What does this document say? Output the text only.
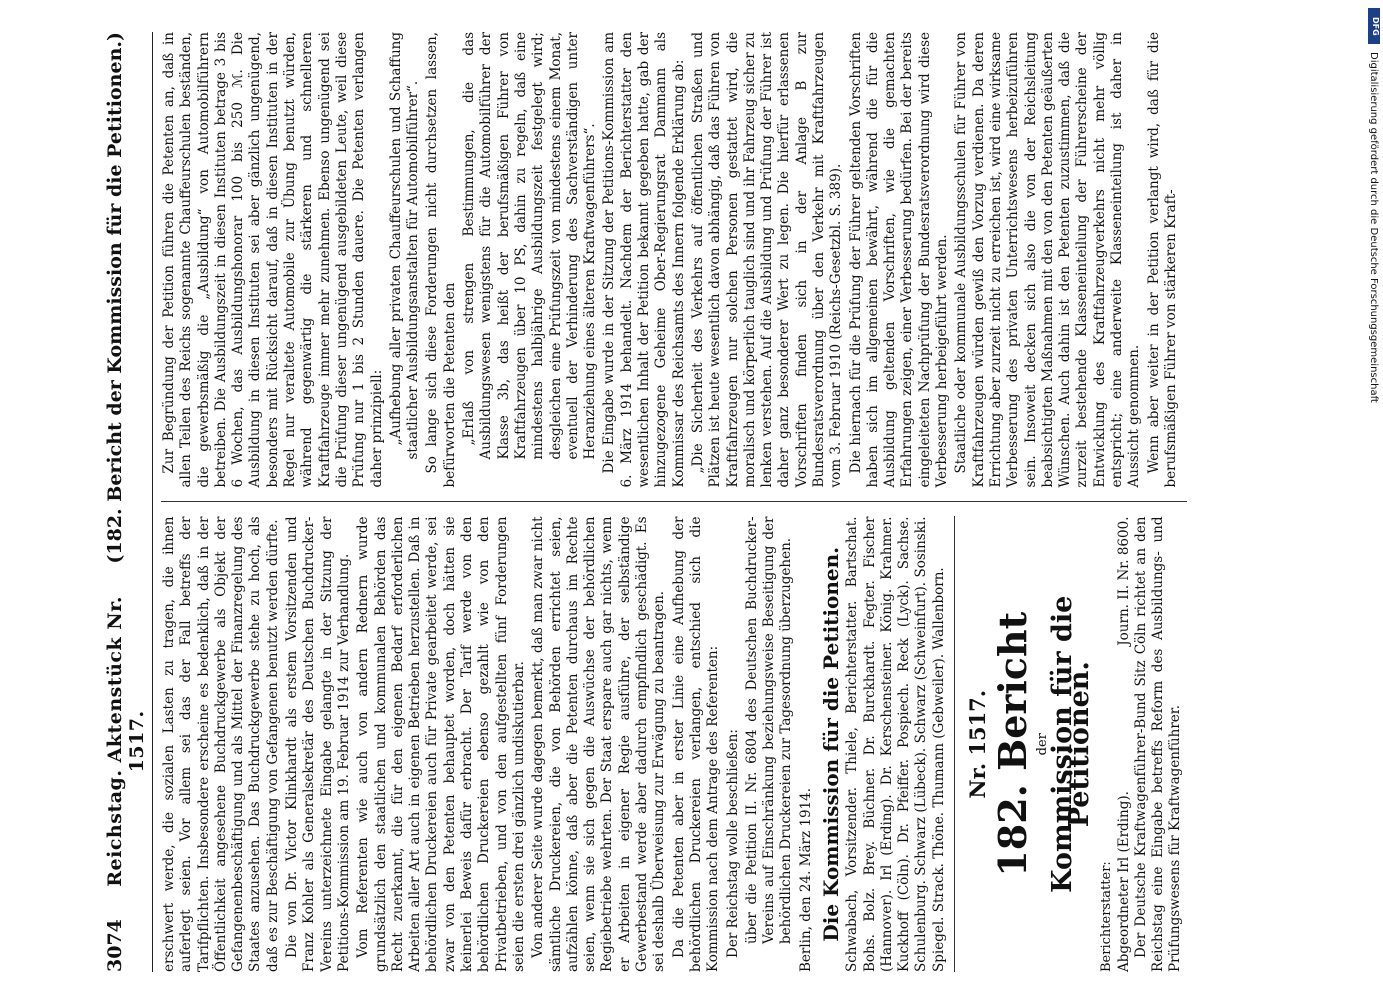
3074
Reichstag. Aktenstück Nr. 1517.
(182. Bericht der Kommission für die Petitionen.)

erschwert werde, die sozialen Lasten zu tragen, die ihnen auferlegt seien. Vor allem sei das der Fall betreffs der Tarifpflichten. Insbesondere erscheine es bedenklich, daß in der Öffentlichkeit angesehene Buchdruckgewerbe als Objekt der Gefangenenbeschäftigung und als Mittel der Finanzregelung des Staates anzusehen. Das Buchdruckgewerbe stehe zu hoch, als daß es zur Beschäftigung von Gefangenen benutzt werden dürfte. Die von Dr. Victor Klinkhardt als erstem Vorsitzenden und Franz Kohler als Generalsekretär des Deutschen Buchdrucker-Vereins unterzeichnete Eingabe gelangte in der Sitzung der Petitions-Kommission am 19. Februar 1914 zur Verhandlung. Vom Referenten wie auch von andern Rednern wurde grundsätzlich den staatlichen und kommunalen Behörden das Recht zuerkannt, die für den eigenen Bedarf erforderlichen Arbeiten aller Art auch in eigenen Betrieben herzustellen. Daß in behördlichen Druckereien auch für Private gearbeitet werde, sei zwar von den Petenten behauptet worden, doch hätten sie keinerlei Beweis dafür erbracht. Der Tarif werde von den behördlichen Druckereien ebenso gezahlt wie von den Privatbetrieben, und von den aufgestellten fünf Forderungen seien die ersten drei gänzlich undiskutierbar. Von anderer Seite wurde dagegen bemerkt, daß man zwar nicht sämtliche Druckereien, die von Behörden errichtet seien, aufzählen könne, daß aber die Petenten durchaus im Rechte seien, wenn sie sich gegen die Auswüchse der behördlichen Regiebetriebe wehrten. Der Staat erspare auch gar nichts, wenn er Arbeiten in eigener Regie ausführe, der selbständige Gewerbestand werde aber dadurch empfindlich geschädigt. Es sei deshalb Überweisung zur Erwägung zu beantragen. Da die Petenten aber in erster Linie eine Aufhebung der behördlichen Druckereien verlangen, entschied sich die Kommission nach dem Antrage des Referenten: Der Reichstag wolle beschließen: über die Petition II. Nr. 6804 des Deutschen Buchdrucker-Vereins auf Einschränkung beziehungsweise Beseitigung der behördlichen Druckereien zur Tagesordnung überzugehen. Berlin, den 24. März 1914. Die Kommission für die Petitionen. Schwabach, Vorsitzender. Thiele, Berichterstatter. Bartschat. Bohs. Bolz. Brey. Büchner. Dr. Burckhardt. Fegter. Fischer (Hannover). Irl (Erding). Dr. Kerschensteiner. König. Krahmer. Kuckhoff (Cöln). Dr. Pfeiffer. Pospiech. Reck (Lyck). Sachse. Schulenburg. Schwarz (Lübeck). Schwarz (Schweinfurt). Sosinski. Spiegel. Strack. Thöne. Thumann (Gebweiler). Wallenborn. Nr. 1517. 182. Bericht der
Kommission für die Petitionen.
Berichterstatter: Abgeordneter Irl (Erding).
Journ. II. Nr. 8600. Der Deutsche Kraftwagenführer-Bund Sitz Cöln richtet an den Reichstag eine Eingabe betreffs Reform des Ausbildungs- und Prüfungswesens für Kraftwagenführer.

Zur Begründung der Petition führen die Petenten an, daß in allen Teilen des Reichs sogenannte Chauffeurschulen beständen, die gewerbsmäßig die „Ausbildung“ von Automobilführern betreiben. Die Ausbildungszeit in diesen Instituten betrage 3 bis 6 Wochen, das Ausbildungshonorar 100 bis 250 ℳ. Die Ausbildung in diesen Instituten sei aber gänzlich ungenügend, besonders mit Rücksicht darauf, daß in diesen Instituten in der Regel nur veraltete Automobile zur Übung benutzt würden, während gegenwärtig die stärkeren und schnelleren Kraftfahrzeuge immer mehr zunehmen. Ebenso ungenügend sei die Prüfung dieser ungenügend ausgebildeten Leute, weil diese Prüfung nur 1 bis 2 Stunden dauere. Die Petenten verlangen daher prinzipiell: „Aufhebung aller privaten Chauffeurschulen und Schaffung staatlicher Ausbildungsanstalten für Automobilführer“. So lange sich diese Forderungen nicht durchsetzen lassen, befürworten die Petenten den „Erlaß von strengen Bestimmungen, die das Ausbildungswesen wenigstens für die Automobilführer der Klasse 3b, das heißt der berufsmäßigen Führer von Kraftfahrzeugen über 10 PS, dahin zu regeln, daß eine mindestens halbjährige Ausbildungszeit festgelegt wird; desgleichen eine Prüfungszeit von mindestens einem Monat, eventuell der Verhinderung des Sachverständigen unter Heranziehung eines älteren Kraftwagenführers“. Die Eingabe wurde in der Sitzung der Petitions-Kommission am 6. März 1914 behandelt. Nachdem der Berichterstatter den wesentlichen Inhalt der Petition bekannt gegeben hatte, gab der hinzugezogene Geheime Ober-Regierungsrat Dammann als Kommissar des Reichsamts des Innern folgende Erklärung ab: „Die Sicherheit des Verkehrs auf öffentlichen Straßen und Plätzen ist heute wesentlich davon abhängig, daß das Führen von Kraftfahrzeugen nur solchen Personen gestattet wird, die moralisch und körperlich tauglich sind und ihr Fahrzeug sicher zu lenken verstehen. Auf die Ausbildung und Prüfung der Führer ist daher ganz besonderer Wert zu legen. Die hierfür erlassenen Vorschriften finden sich in der Anlage B zur Bundesratsverordnung über den Verkehr mit Kraftfahrzeugen vom 3. Februar 1910 (Reichs-Gesetzbl. S. 389). Die hiernach für die Prüfung der Führer geltenden Vorschriften haben sich im allgemeinen bewährt, während die für die Ausbildung geltenden Vorschriften, wie die gemachten Erfahrungen zeigen, einer Verbesserung bedürfen. Bei der bereits eingeleiteten Nachprüfung der Bundesratsverordnung wird diese Verbesserung herbeigeführt werden. Staatliche oder kommunale Ausbildungsschulen für Führer von Kraftfahrzeugen würden gewiß den Vorzug verdienen. Da deren Errichtung aber zurzeit nicht zu erreichen ist, wird eine wirksame Verbesserung des privaten Unterrichtswesens herbeizuführen sein. Insoweit decken sich also die von der Reichsleitung beabsichtigten Maßnahmen mit den von den Petenten geäußerten Wünschen. Auch dahin ist den Petenten zuzustimmen, daß die zurzeit bestehende Klasseneinteilung der Führerscheine der Entwicklung des Kraftfahrzeugverkehrs nicht mehr völlig entspricht; eine anderweite Klasseneinteilung ist daher in Aussicht genommen. Wenn aber weiter in der Petition verlangt wird, daß für die berufsmäßigen Führer von stärkeren Kraft-

DFG
Digitalisierung gefördert durch die Deutsche Forschungsgemeinschaft
